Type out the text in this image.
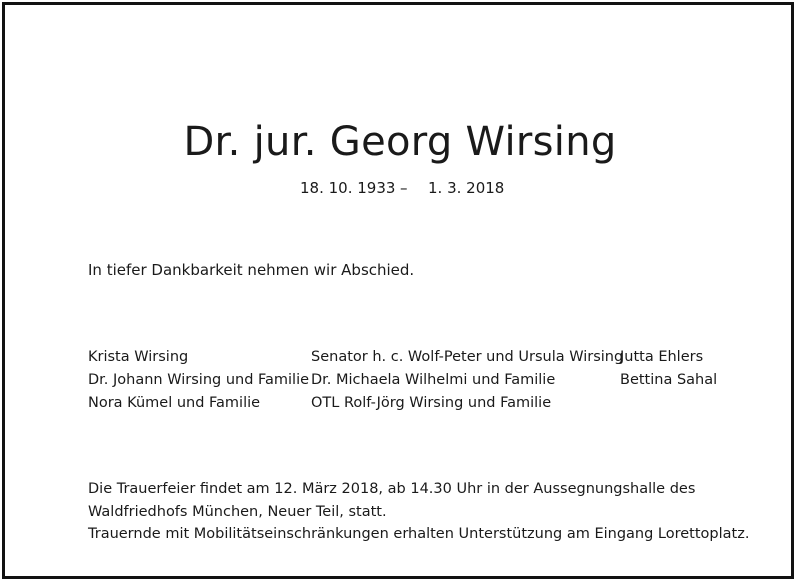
Dr. jur. Georg Wirsing
18. 10. 1933 – 1. 3. 2018

In tiefer Dankbarkeit nehmen wir Abschied.

Krista Wirsing
Dr. Johann Wirsing und Familie
Nora Kümel und Familie
Senator h. c. Wolf-Peter und Ursula Wirsing
Dr. Michaela Wilhelmi und Familie
OTL Rolf-Jörg Wirsing und Familie
Jutta Ehlers
Bettina Sahal
Die Trauerfeier findet am 12. März 2018, ab 14.30 Uhr in der Aussegnungshalle des
Waldfriedhofs München, Neuer Teil, statt.
Trauernde mit Mobilitätseinschränkungen erhalten Unterstützung am Eingang Lorettoplatz.
